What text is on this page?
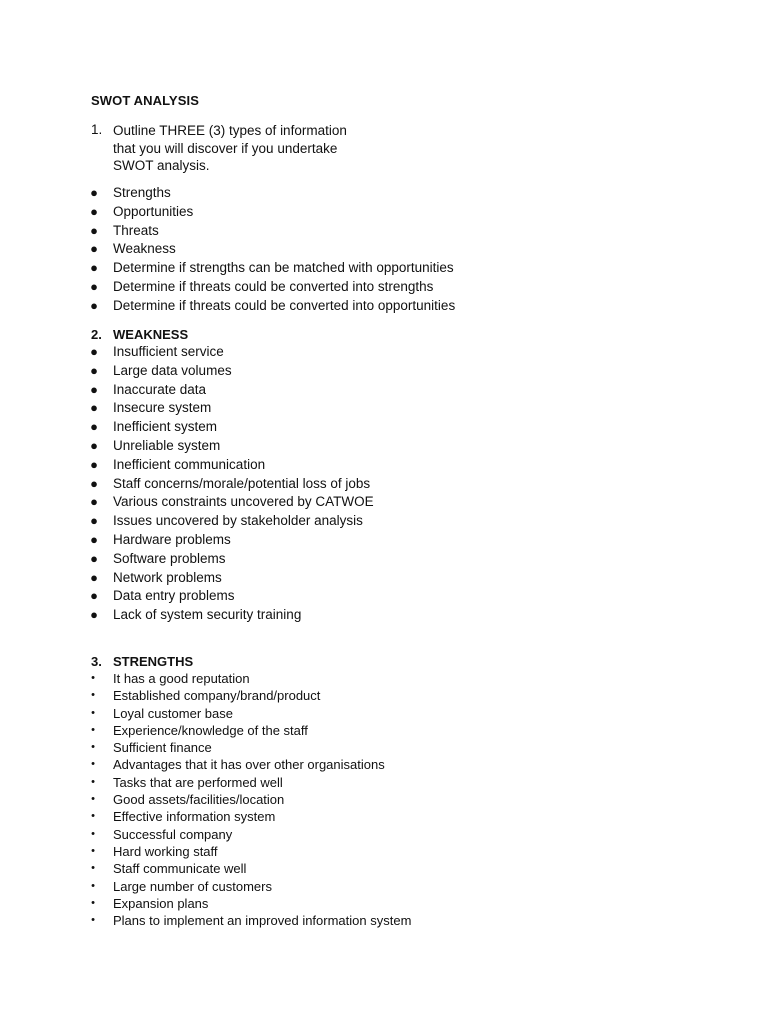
SWOT ANALYSIS
1. Outline THREE (3) types of information
that you will discover if you undertake
SWOT analysis.
● Strengths
● Opportunities
● Threats
● Weakness
● Determine if strengths can be matched with opportunities
● Determine if threats could be converted into strengths
● Determine if threats could be converted into opportunities
2. WEAKNESS
● Insufficient service
● Large data volumes
● Inaccurate data
● Insecure system
● Inefficient system
● Unreliable system
● Inefficient communication
● Staff concerns/morale/potential loss of jobs
● Various constraints uncovered by CATWOE
● Issues uncovered by stakeholder analysis
● Hardware problems
● Software problems
● Network problems
● Data entry problems
● Lack of system security training
3. STRENGTHS
• It has a good reputation
• Established company/brand/product
• Loyal customer base
• Experience/knowledge of the staff
• Sufficient finance
• Advantages that it has over other organisations
• Tasks that are performed well
• Good assets/facilities/location
• Effective information system
• Successful company
• Hard working staff
• Staff communicate well
• Large number of customers
• Expansion plans
• Plans to implement an improved information system
